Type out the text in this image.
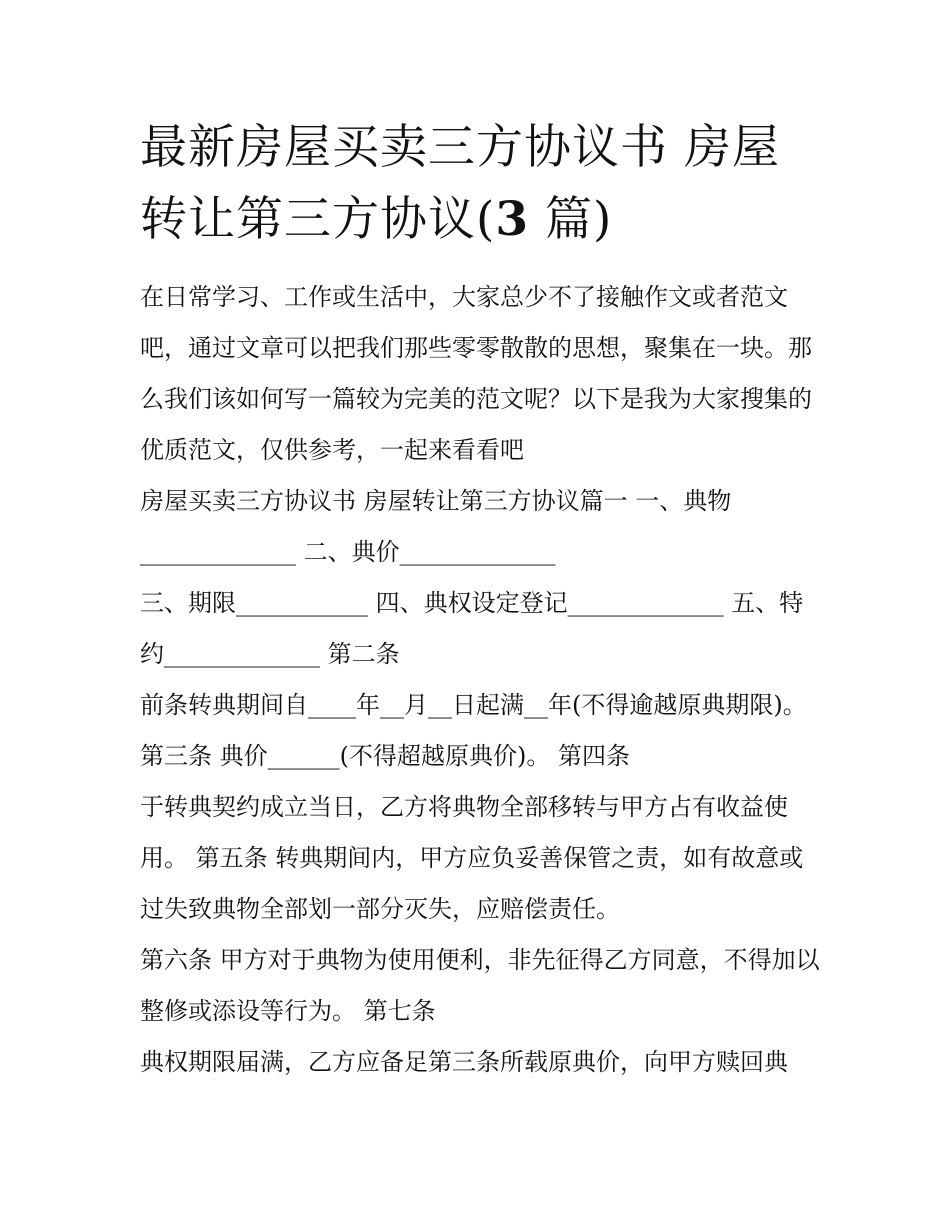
最新房屋买卖三方协议书 房屋
转让第三方协议(3 篇)

在日常学习、工作或生活中，大家总少不了接触作文或者范文吧，通过文章可以把我们那些零零散散的思想，聚集在一块。那么我们该如何写一篇较为完美的范文呢？以下是我为大家搜集的优质范文，仅供参考，一起来看看吧

房屋买卖三方协议书 房屋转让第三方协议篇一 一、典物_____________ 二、典价_____________

三、期限___________ 四、典权设定登记_____________ 五、特约_____________ 第二条

前条转典期间自____年__月__日起满__年(不得逾越原典期限)。 第三条 典价______(不得超越原典价)。 第四条

于转典契约成立当日，乙方将典物全部移转与甲方占有收益使用。 第五条 转典期间内，甲方应负妥善保管之责，如有故意或过失致典物全部划一部分灭失，应赔偿责任。

第六条 甲方对于典物为使用便利，非先征得乙方同意，不得加以整修或添设等行为。 第七条

典权期限届满，乙方应备足第三条所载原典价，向甲方赎回典
